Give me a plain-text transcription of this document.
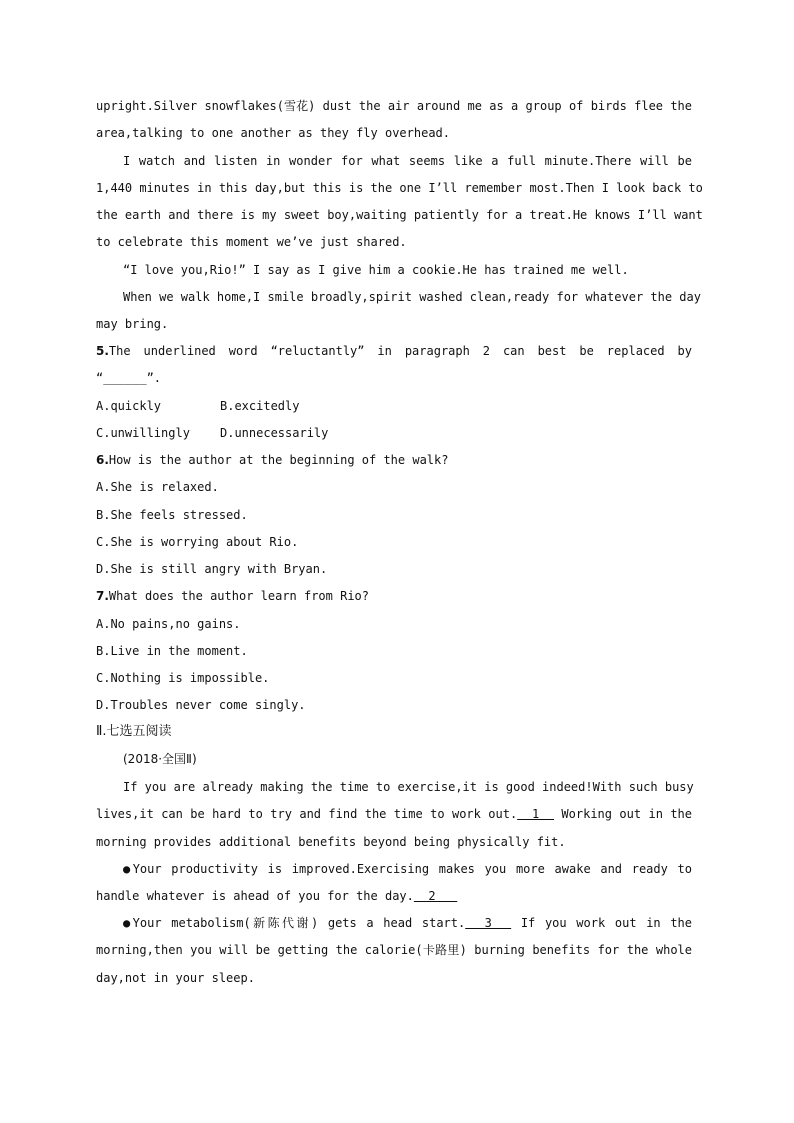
upright.Silver snowflakes(雪花) dust the air around me as a group of birds flee the
area,talking to one another as they fly overhead.
I watch and listen in wonder for what seems like a full minute.There will be
1,440 minutes in this day,but this is the one I’ll remember most.Then I look back to
the earth and there is my sweet boy,waiting patiently for a treat.He knows I’ll want
to celebrate this moment we’ve just shared.
“I love you,Rio!” I say as I give him a cookie.He has trained me well.
When we walk home,I smile broadly,spirit washed clean,ready for whatever the day
may bring.
5.The underlined word “reluctantly” in paragraph 2 can best be replaced by
“______”.
A.quickly	B.excitedly
C.unwillingly	D.unnecessarily
6.How is the author at the beginning of the walk?
A.She is relaxed.
B.She feels stressed.
C.She is worrying about Rio.
D.She is still angry with Bryan.
7.What does the author learn from Rio?
A.No pains,no gains.
B.Live in the moment.
C.Nothing is impossible.
D.Troubles never come singly.
Ⅱ.七选五阅读
(2018·全国Ⅱ)
If you are already making the time to exercise,it is good indeed!With such busy
lives,it can be hard to try and find the time to work out.  1   Working out in the
morning provides additional benefits beyond being physically fit.
●Your productivity is improved.Exercising makes you more awake and ready to
handle whatever is ahead of you for the day.  2
●Your metabolism(新陈代谢) gets a head start.  3   If you work out in the
morning,then you will be getting the calorie(卡路里) burning benefits for the whole
day,not in your sleep.
